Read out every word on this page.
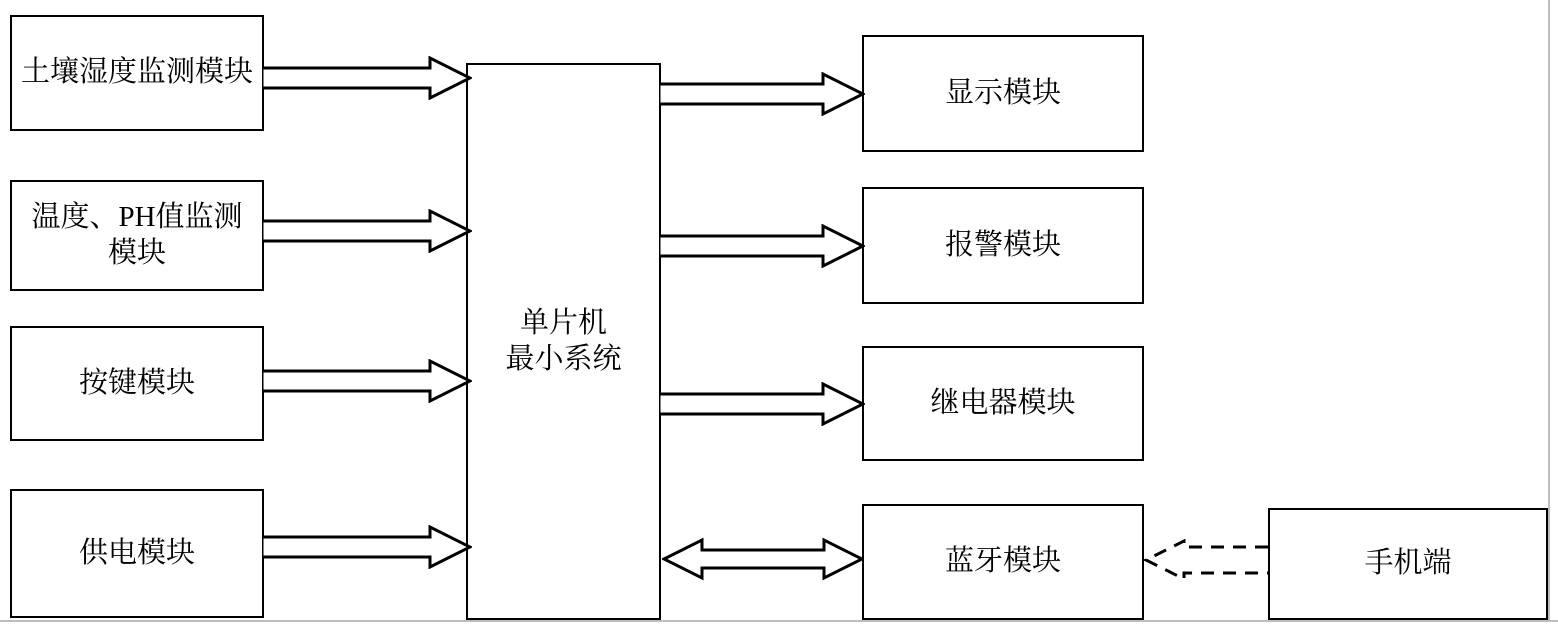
土壤湿度监测模块
温度、PH值监测模块
按键模块
供电模块
单片机
最小系统
显示模块
报警模块
继电器模块
蓝牙模块	手机端
